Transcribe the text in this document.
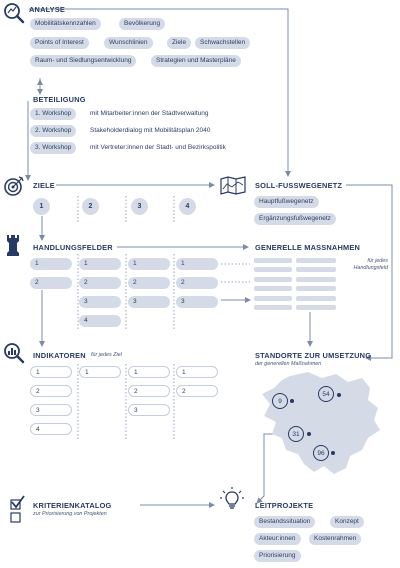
ANALYSE
Mobilitätskennzahlen	Bevölkerung
Points of Interest	Wunschlinien	Ziele	Schwachstellen
Raum- und Siedlungsentwicklung	Strategien und Masterpläne
BETEILIGUNG
1. Workshop	mit Mitarbeiter:innen der Stadtverwaltung
2. Workshop	Stakeholderdialog mit Mobilitätsplan 2040
3. Workshop	mit Vertreter:innen der Stadt- und Bezirkspolitik
ZIELE
1	2	3	4
SOLL-FUSSWEGENETZ
Hauptfußwegenetz
Ergänzungsfußwegenetz
HANDLUNGSFELDER
1
2
1
2
3
4
1
2
3
1
2
3
GENERELLE MASSNAHMEN
für jedes Handlungsfeld
INDIKATOREN für jedes Ziel
1
2
3
4
1	1
2
3
1
2
STANDORTE ZUR UMSETZUNG
der generellen Maßnahmen
9
54
31
96
KRITERIENKATALOG
zur Priorisierung von Projekten
LEITPROJEKTE
Bestandssituation	Konzept
Akteur:innen	Kostenrahmen
Priorisierung
